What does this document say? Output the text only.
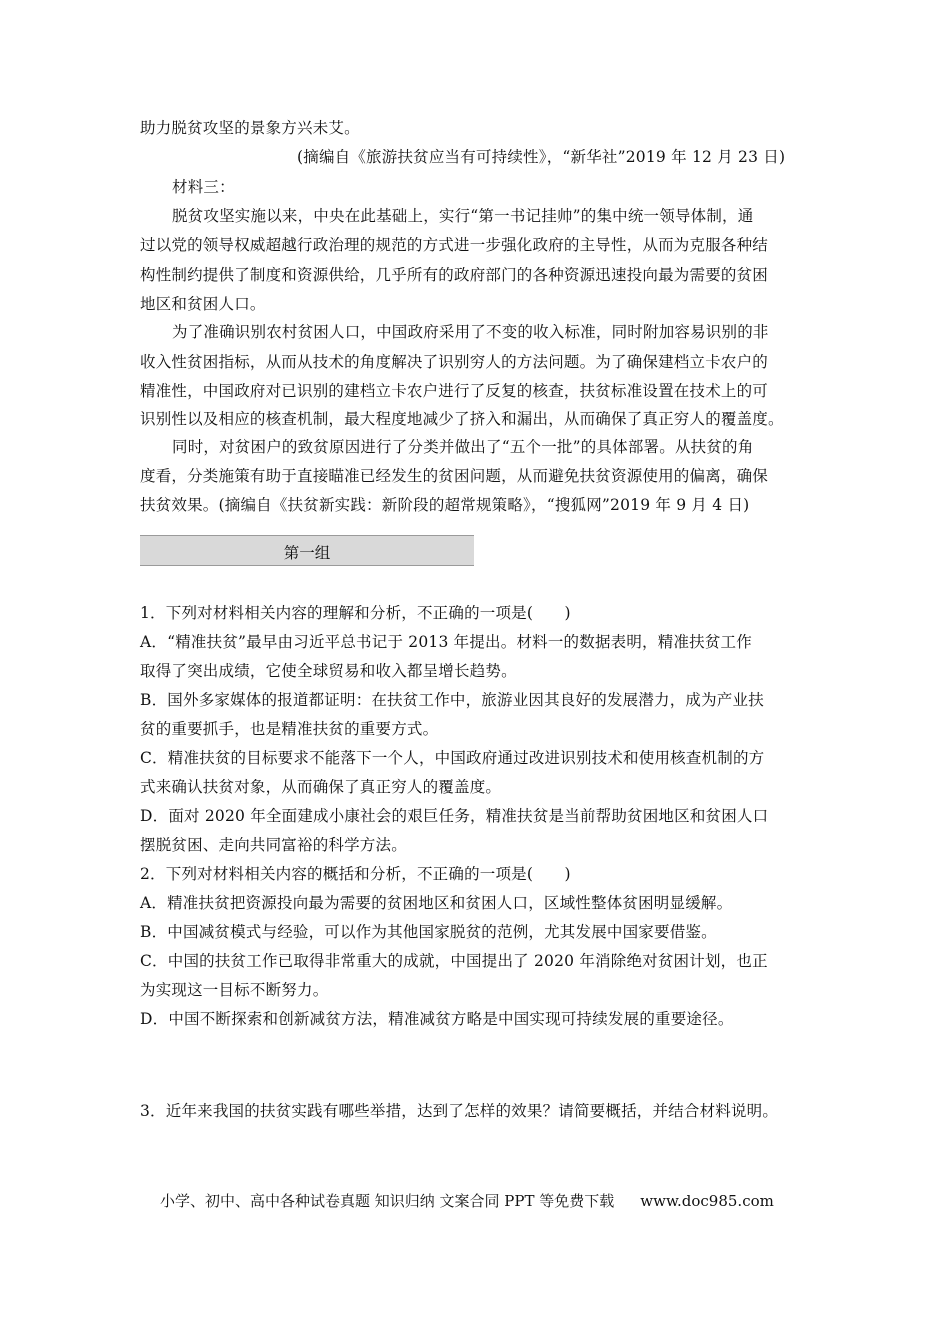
助力脱贫攻坚的景象方兴未艾。
(摘编自《旅游扶贫应当有可持续性》，“新华社”2019 年 12 月 23 日)
材料三：
脱贫攻坚实施以来，中央在此基础上，实行“第一书记挂帅”的集中统一领导体制，通
过以党的领导权威超越行政治理的规范的方式进一步强化政府的主导性，从而为克服各种结
构性制约提供了制度和资源供给，几乎所有的政府部门的各种资源迅速投向最为需要的贫困
地区和贫困人口。
为了准确识别农村贫困人口，中国政府采用了不变的收入标准，同时附加容易识别的非
收入性贫困指标，从而从技术的角度解决了识别穷人的方法问题。为了确保建档立卡农户的
精准性，中国政府对已识别的建档立卡农户进行了反复的核查，扶贫标准设置在技术上的可
识别性以及相应的核查机制，最大程度地减少了挤入和漏出，从而确保了真正穷人的覆盖度。
同时，对贫困户的致贫原因进行了分类并做出了“五个一批”的具体部署。从扶贫的角
度看，分类施策有助于直接瞄准已经发生的贫困问题，从而避免扶贫资源使用的偏离，确保
扶贫效果。(摘编自《扶贫新实践：新阶段的超常规策略》，“搜狐网”2019 年 9 月 4 日)
第一组
1．下列对材料相关内容的理解和分析，不正确的一项是(　　)
A．“精准扶贫”最早由习近平总书记于 2013 年提出。材料一的数据表明，精准扶贫工作
取得了突出成绩，它使全球贸易和收入都呈增长趋势。
B．国外多家媒体的报道都证明：在扶贫工作中，旅游业因其良好的发展潜力，成为产业扶
贫的重要抓手，也是精准扶贫的重要方式。
C．精准扶贫的目标要求不能落下一个人，中国政府通过改进识别技术和使用核查机制的方
式来确认扶贫对象，从而确保了真正穷人的覆盖度。
D．面对 2020 年全面建成小康社会的艰巨任务，精准扶贫是当前帮助贫困地区和贫困人口
摆脱贫困、走向共同富裕的科学方法。
2．下列对材料相关内容的概括和分析，不正确的一项是(　　)
A．精准扶贫把资源投向最为需要的贫困地区和贫困人口，区域性整体贫困明显缓解。
B．中国减贫模式与经验，可以作为其他国家脱贫的范例，尤其发展中国家要借鉴。
C．中国的扶贫工作已取得非常重大的成就，中国提出了 2020 年消除绝对贫困计划，也正
为实现这一目标不断努力。
D．中国不断探索和创新减贫方法，精准减贫方略是中国实现可持续发展的重要途径。
3．近年来我国的扶贫实践有哪些举措，达到了怎样的效果？请简要概括，并结合材料说明。
小学、初中、高中各种试卷真题 知识归纳 文案合同 PPT 等免费下载 www.doc985.com
